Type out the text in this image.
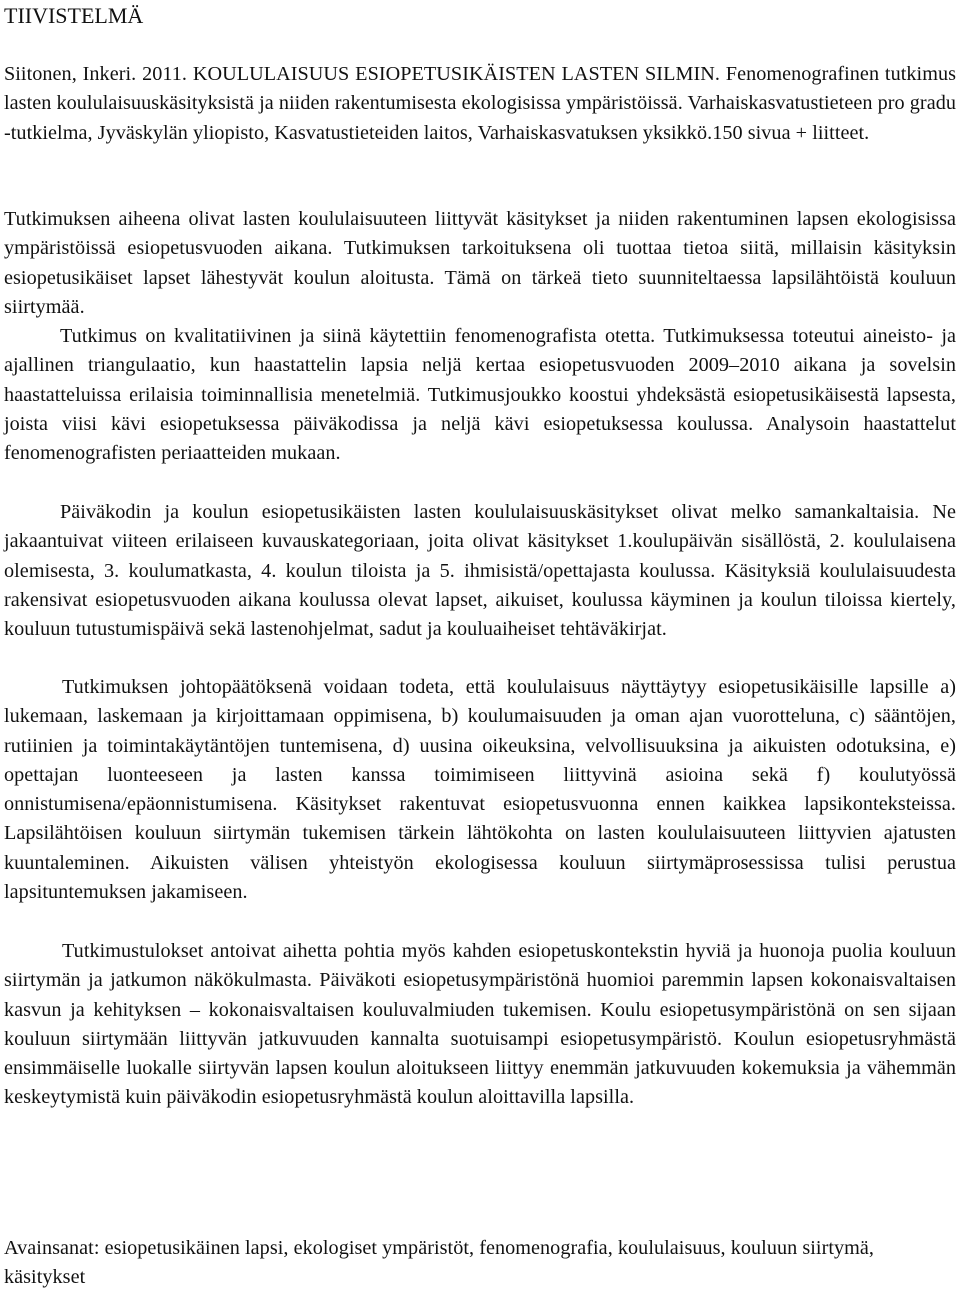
TIIVISTELMÄ

Siitonen, Inkeri. 2011. KOULULAISUUS ESIOPETUSIKÄISTEN LASTEN SILMIN. Fenomenografinen tutkimus lasten koululaisuuskäsityksistä ja niiden rakentumisesta ekologisissa ympäristöissä. Varhaiskasvatustieteen pro gradu -tutkielma, Jyväskylän yliopisto, Kasvatustieteiden laitos, Varhaiskasvatuksen yksikkö.150 sivua + liitteet.

Tutkimuksen aiheena olivat lasten koululaisuuteen liittyvät käsitykset ja niiden rakentuminen lapsen ekologisissa ympäristöissä esiopetusvuoden aikana. Tutkimuksen tarkoituksena oli tuottaa tietoa siitä, millaisin käsityksin esiopetusikäiset lapset lähestyvät koulun aloitusta. Tämä on tärkeä tieto suunniteltaessa lapsilähtöistä kouluun siirtymää.

Tutkimus on kvalitatiivinen ja siinä käytettiin fenomenografista otetta. Tutkimuksessa toteutui aineisto- ja ajallinen triangulaatio, kun haastattelin lapsia neljä kertaa esiopetusvuoden 2009–2010 aikana ja sovelsin haastatteluissa erilaisia toiminnallisia menetelmiä. Tutkimusjoukko koostui yhdeksästä esiopetusikäisestä lapsesta, joista viisi kävi esiopetuksessa päiväkodissa ja neljä kävi esiopetuksessa koulussa. Analysoin haastattelut fenomenografisten periaatteiden mukaan.

Päiväkodin ja koulun esiopetusikäisten lasten koululaisuuskäsitykset olivat melko samankaltaisia. Ne jakaantuivat viiteen erilaiseen kuvauskategoriaan, joita olivat käsitykset 1.koulupäivän sisällöstä, 2. koululaisena olemisesta, 3. koulumatkasta, 4. koulun tiloista ja 5. ihmisistä/opettajasta koulussa. Käsityksiä koululaisuudesta rakensivat esiopetusvuoden aikana koulussa olevat lapset, aikuiset, koulussa käyminen ja koulun tiloissa kiertely, kouluun tutustumispäivä sekä lastenohjelmat, sadut ja kouluaiheiset tehtäväkirjat.

Tutkimuksen johtopäätöksenä voidaan todeta, että koululaisuus näyttäytyy esiopetusikäisille lapsille a) lukemaan, laskemaan ja kirjoittamaan oppimisena, b) koulumaisuuden ja oman ajan vuorotteluna, c) sääntöjen, rutiinien ja toimintakäytäntöjen tuntemisena, d) uusina oikeuksina, velvollisuuksina ja aikuisten odotuksina, e) opettajan luonteeseen ja lasten kanssa toimimiseen liittyvinä asioina sekä f) koulutyössä onnistumisena/epäonnistumisena. Käsitykset rakentuvat esiopetusvuonna ennen kaikkea lapsikonteksteissa. Lapsilähtöisen kouluun siirtymän tukemisen tärkein lähtökohta on lasten koululaisuuteen liittyvien ajatusten kuuntaleminen. Aikuisten välisen yhteistyön ekologisessa kouluun siirtymäprosessissa tulisi perustua lapsituntemuksen jakamiseen.

Tutkimustulokset antoivat aihetta pohtia myös kahden esiopetuskontekstin hyviä ja huonoja puolia kouluun siirtymän ja jatkumon näkökulmasta. Päiväkoti esiopetusympäristönä huomioi paremmin lapsen kokonaisvaltaisen kasvun ja kehityksen – kokonaisvaltaisen kouluvalmiuden tukemisen. Koulu esiopetusympäristönä on sen sijaan kouluun siirtymään liittyvän jatkuvuuden kannalta suotuisampi esiopetusympäristö. Koulun esiopetusryhmästä ensimmäiselle luokalle siirtyvän lapsen koulun aloitukseen liittyy enemmän jatkuvuuden kokemuksia ja vähemmän keskeytymistä kuin päiväkodin esiopetusryhmästä koulun aloittavilla lapsilla.

Avainsanat: esiopetusikäinen lapsi, ekologiset ympäristöt, fenomenografia, koululaisuus, kouluun siirtymä, käsitykset
